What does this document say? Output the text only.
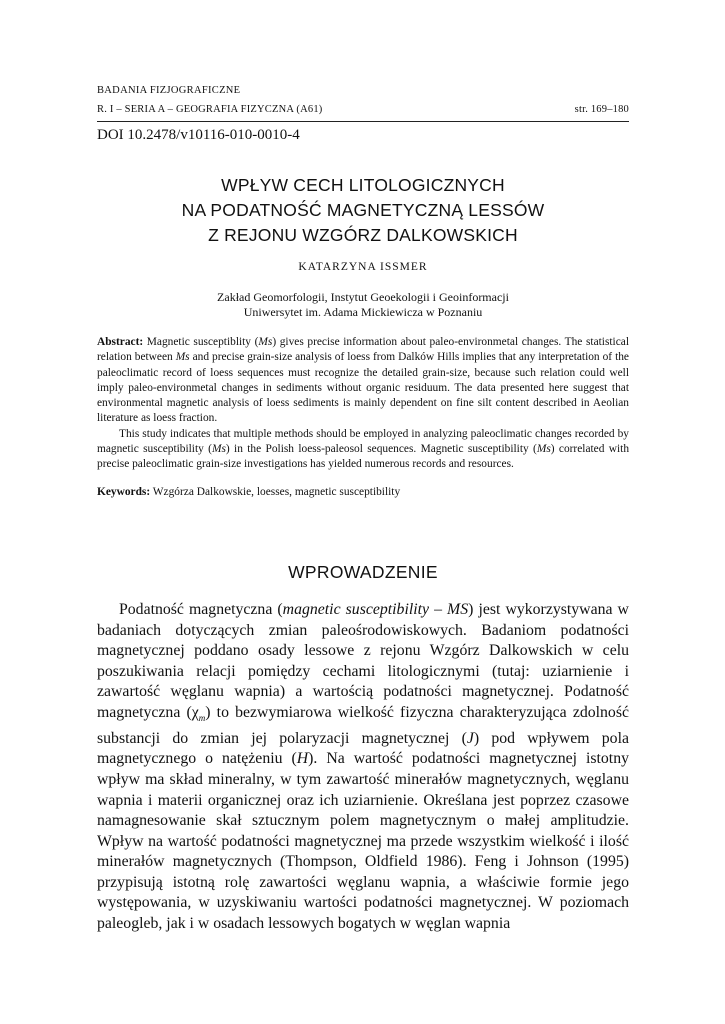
BADANIA FIZJOGRAFICZNE
R. I – SERIA A – GEOGRAFIA FIZYCZNA (A61)	str. 169–180
DOI 10.2478/v10116-010-0010-4
WPŁYW CECH LITOLOGICZNYCH
NA PODATNOŚĆ MAGNETYCZNĄ LESSÓW
Z REJONU WZGÓRZ DALKOWSKICH
KATARZYNA ISSMER
Zakład Geomorfologii, Instytut Geoekologii i Geoinformacji
Uniwersytet im. Adama Mickiewicza w Poznaniu

Abstract: Magnetic susceptiblity (Ms) gives precise information about paleo-environmetal changes. The statistical relation between Ms and precise grain-size analysis of loess from Dalków Hills implies that any interpretation of the paleoclimatic record of loess sequences must recognize the detailed grain-size, because such relation could well imply paleo-environmetal changes in sediments without organic residuum. The data presented here suggest that environmental magnetic analysis of loess sediments is mainly dependent on fine silt content described in Aeolian literature as loess fraction.

This study indicates that multiple methods should be employed in analyzing paleoclimatic changes recorded by magnetic susceptibility (Ms) in the Polish loess-paleosol sequences. Magnetic susceptibility (Ms) correlated with precise paleoclimatic grain-size investigations has yielded numerous records and resources.

Keywords: Wzgórza Dalkowskie, loesses, magnetic susceptibility
WPROWADZENIE

Podatność magnetyczna (magnetic susceptibility – MS) jest wykorzystywana w badaniach dotyczących zmian paleośrodowiskowych. Badaniom podatności magnetycznej poddano osady lessowe z rejonu Wzgórz Dalkowskich w celu poszukiwania relacji pomiędzy cechami litologicznymi (tutaj: uziarnienie i zawartość węglanu wapnia) a wartością podatności magnetycznej. Podatność magnetyczna $(\chi_m)$ to bezwymiarowa wielkość fizyczna charakteryzująca zdolność substancji do zmian jej polaryzacji magnetycznej (J) pod wpływem pola magnetycznego o natężeniu (H). Na wartość podatności magnetycznej istotny wpływ ma skład mineralny, w tym zawartość minerałów magnetycznych, węglanu wapnia i materii organicznej oraz ich uziarnienie. Określana jest poprzez czasowe namagnesowanie skał sztucznym polem magnetycznym o małej amplitudzie. Wpływ na wartość podatności magnetycznej ma przede wszystkim wielkość i ilość minerałów magnetycznych (Thompson, Oldfield 1986). Feng i Johnson (1995) przypisują istotną rolę zawartości węglanu wapnia, a właściwie formie jego występowania, w uzyskiwaniu wartości podatności magnetycznej. W poziomach paleogleb, jak i w osadach lessowych bogatych w węglan wapnia
